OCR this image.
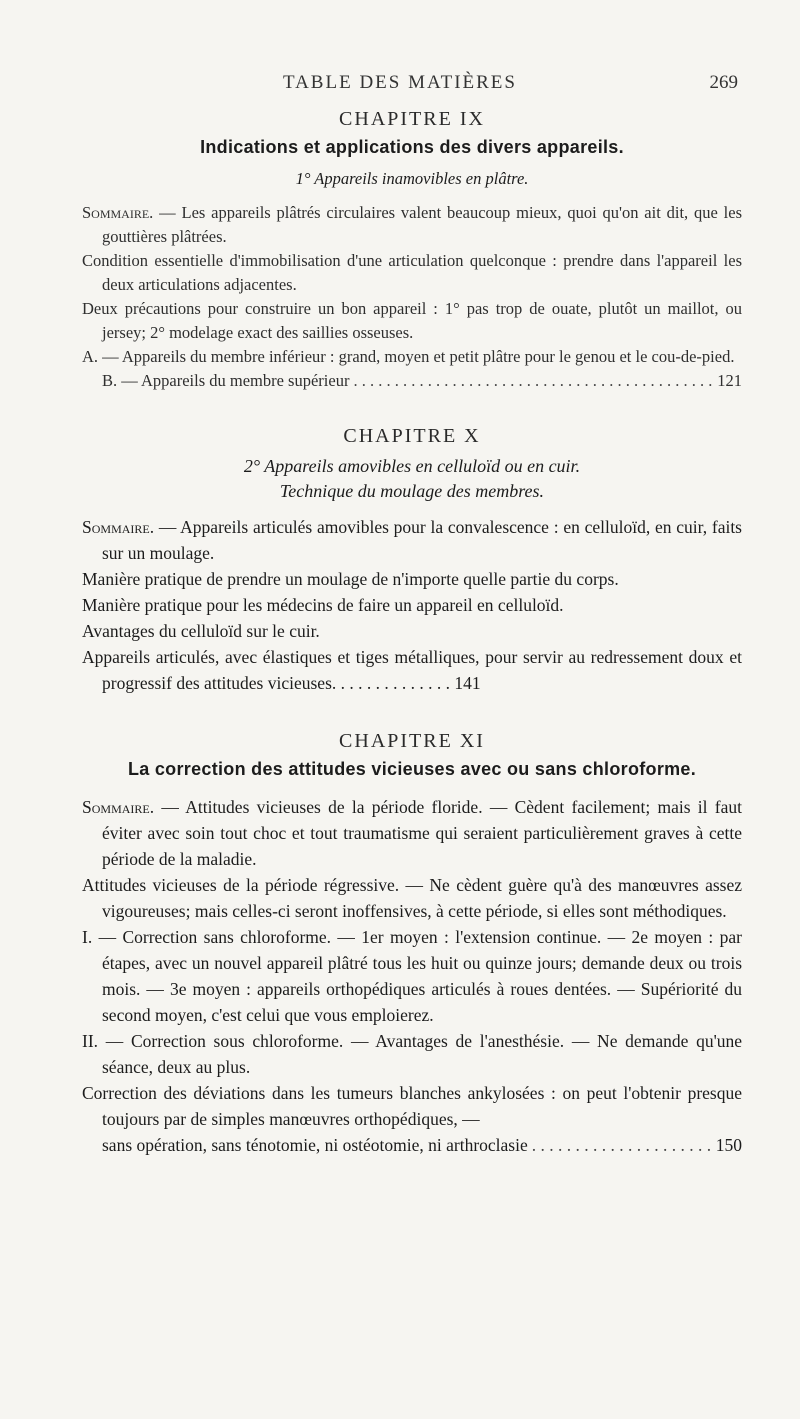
TABLE DES MATIÈRES	269

CHAPITRE IX

Indications et applications des divers appareils.

1° Appareils inamovibles en plâtre.

Sommaire. — Les appareils plâtrés circulaires valent beaucoup mieux, quoi qu'on ait dit, que les gouttières plâtrées.

Condition essentielle d'immobilisation d'une articulation quelconque : prendre dans l'appareil les deux articulations adjacentes.

Deux précautions pour construire un bon appareil : 1° pas trop de ouate, plutôt un maillot, ou jersey; 2° modelage exact des saillies osseuses.

A. — Appareils du membre inférieur : grand, moyen et petit plâtre pour le genou et le cou-de-pied.

B. — Appareils du membre supérieur . . .	121

CHAPITRE X

2° Appareils amovibles en celluloïd ou en cuir.

Technique du moulage des membres.

Sommaire. — Appareils articulés amovibles pour la convalescence : en celluloïd, en cuir, faits sur un moulage.

Manière pratique de prendre un moulage de n'importe quelle partie du corps.

Manière pratique pour les médecins de faire un appareil en celluloïd.

Avantages du celluloïd sur le cuir.

Appareils articulés, avec élastiques et tiges métalliques, pour servir au redressement doux et progressif des attitudes vicieuses. . . . . . . . . . . . . . 141

CHAPITRE XI

La correction des attitudes vicieuses avec ou sans chloroforme.

Sommaire. — Attitudes vicieuses de la période floride. — Cèdent facilement; mais il faut éviter avec soin tout choc et tout traumatisme qui seraient particulièrement graves à cette période de la maladie.

Attitudes vicieuses de la période régressive. — Ne cèdent guère qu'à des manœuvres assez vigoureuses; mais celles-ci seront inoffensives, à cette période, si elles sont méthodiques.

I. — Correction sans chloroforme. — 1er moyen : l'extension continue. — 2e moyen : par étapes, avec un nouvel appareil plâtré tous les huit ou quinze jours; demande deux ou trois mois. — 3e moyen : appareils orthopédiques articulés à roues dentées. — Supériorité du second moyen, c'est celui que vous emploierez.

II. — Correction sous chloroforme. — Avantages de l'anesthésie. — Ne demande qu'une séance, deux au plus.

Correction des déviations dans les tumeurs blanches ankylosées : on peut l'obtenir presque toujours par de simples manœuvres orthopédiques, —

sans opération, sans ténotomie, ni ostéotomie, ni arthroclasie . . .	150
